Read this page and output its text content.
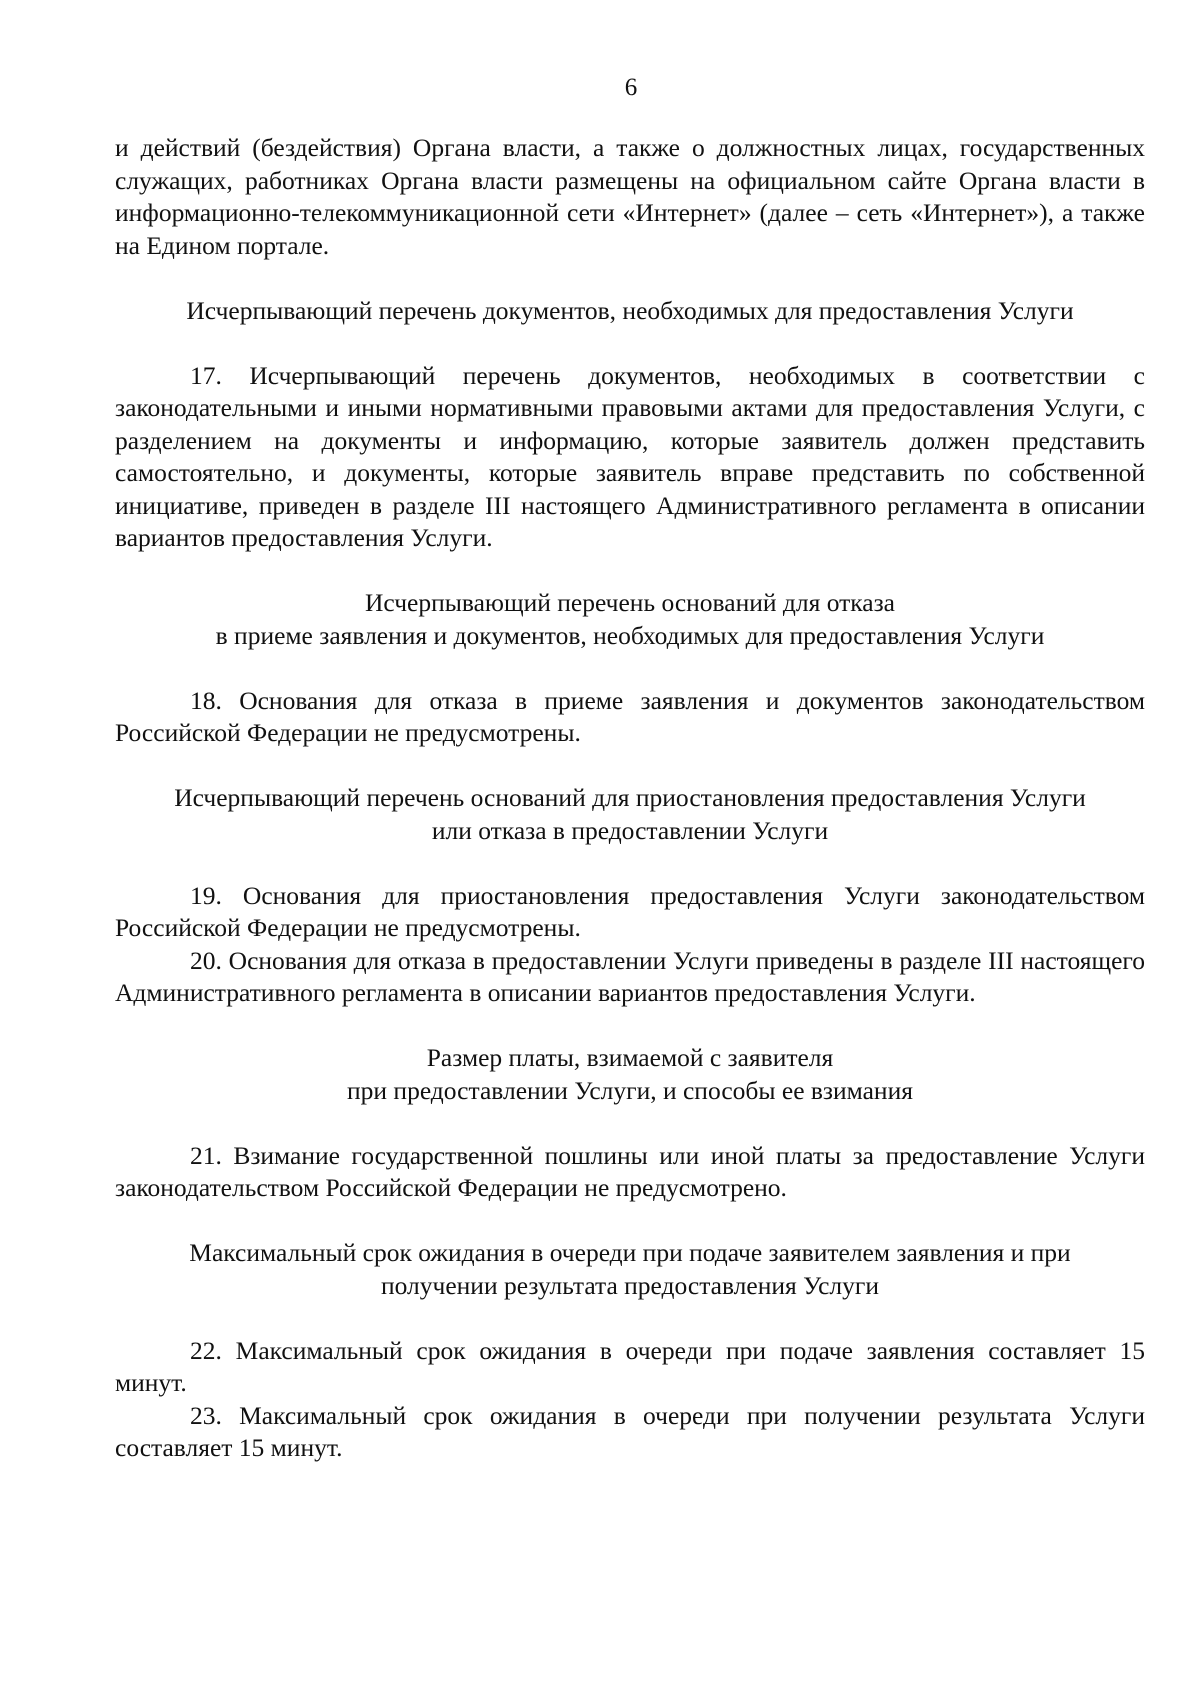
6

и действий (бездействия) Органа власти, а также о должностных лицах, государственных служащих, работниках Органа власти размещены на официальном сайте Органа власти в информационно-телекоммуникационной сети «Интернет» (далее – сеть «Интернет»), а также на Едином портале.

Исчерпывающий перечень документов, необходимых для предоставления Услуги

17. Исчерпывающий перечень документов, необходимых в соответствии с законодательными и иными нормативными правовыми актами для предоставления Услуги, с разделением на документы и информацию, которые заявитель должен представить самостоятельно, и документы, которые заявитель вправе представить по собственной инициативе, приведен в разделе III настоящего Административного регламента в описании вариантов предоставления Услуги.

Исчерпывающий перечень оснований для отказа
в приеме заявления и документов, необходимых для предоставления Услуги

18. Основания для отказа в приеме заявления и документов законодательством Российской Федерации не предусмотрены.

Исчерпывающий перечень оснований для приостановления предоставления Услуги
или отказа в предоставлении Услуги

19. Основания для приостановления предоставления Услуги законодательством Российской Федерации не предусмотрены.

20. Основания для отказа в предоставлении Услуги приведены в разделе III настоящего Административного регламента в описании вариантов предоставления Услуги.

Размер платы, взимаемой с заявителя
при предоставлении Услуги, и способы ее взимания

21. Взимание государственной пошлины или иной платы за предоставление Услуги законодательством Российской Федерации не предусмотрено.

Максимальный срок ожидания в очереди при подаче заявителем заявления и при
получении результата предоставления Услуги

22. Максимальный срок ожидания в очереди при подаче заявления составляет 15 минут.

23. Максимальный срок ожидания в очереди при получении результата Услуги составляет 15 минут.
